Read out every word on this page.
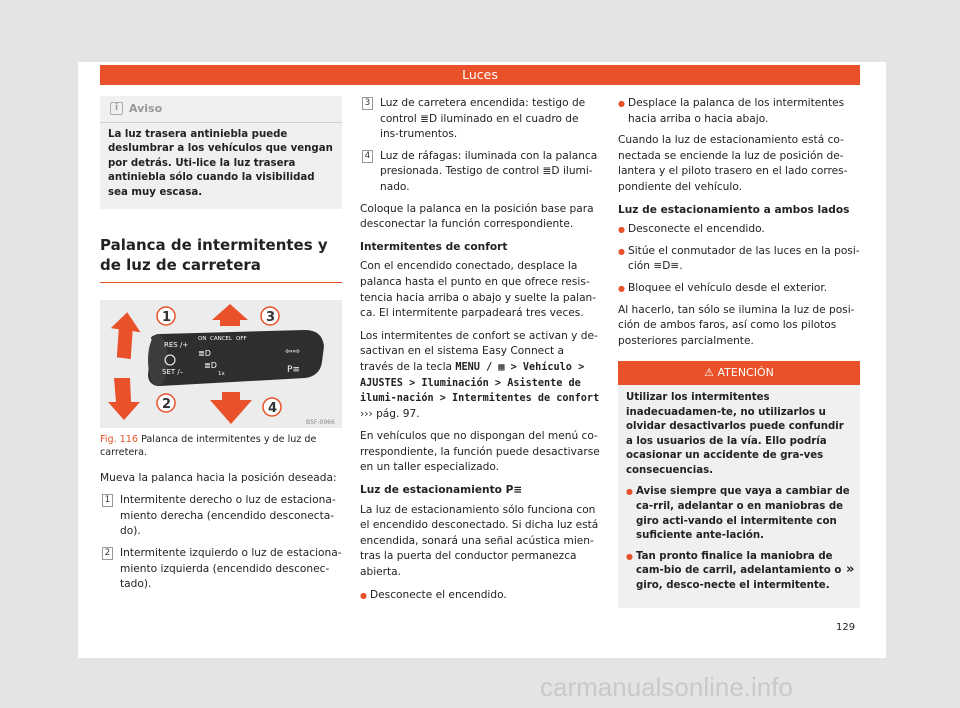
Luces
i Aviso
La luz trasera antiniebla puede deslumbrar a los vehículos que vengan por detrás. Uti-lice la luz trasera antiniebla sólo cuando la visibilidad sea muy escasa.
Palanca de intermitentes y de luz de carretera
RES /+
ON CANCEL OFF
SET /–	1x
≣D
≣D
⇦⇨
P≡
1
2
3
4
B5F-0966
Fig. 116 Palanca de intermitentes y de luz de carretera.

Mueva la palanca hacia la posición deseada:

1 Intermitente derecho o luz de estaciona-miento derecha (encendido desconecta-do).
2 Intermitente izquierdo o luz de estaciona-miento izquierda (encendido desconec-tado).
3 Luz de carretera encendida: testigo de control ≣D iluminado en el cuadro de ins-trumentos.
4 Luz de ráfagas: iluminada con la palanca presionada. Testigo de control ≣D ilumi-nado.

Coloque la palanca en la posición base para desconectar la función correspondiente.

Intermitentes de confort

Con el encendido conectado, desplace la palanca hasta el punto en que ofrece resis-tencia hacia arriba o abajo y suelte la palan-ca. El intermitente parpadeará tres veces.

Los intermitentes de confort se activan y de-sactivan en el sistema Easy Connect a través de la tecla MENU / ▦ > Vehículo > AJUSTES > Iluminación > Asistente de ilumi-nación > Intermitentes de confort ››› pág. 97.

En vehículos que no dispongan del menú co-rrespondiente, la función puede desactivarse en un taller especializado.

Luz de estacionamiento P≡

La luz de estacionamiento sólo funciona con el encendido desconectado. Si dicha luz está encendida, sonará una señal acústica mien-tras la puerta del conductor permanezca abierta.

● Desconecte el encendido.
● Desplace la palanca de los intermitentes hacia arriba o hacia abajo.

Cuando la luz de estacionamiento está co-nectada se enciende la luz de posición de-lantera y el piloto trasero en el lado corres-pondiente del vehículo.

Luz de estacionamiento a ambos lados
● Desconecte el encendido.
● Sitúe el conmutador de las luces en la posi-ción ≡D≡.
● Bloquee el vehículo desde el exterior.

Al hacerlo, tan sólo se ilumina la luz de posi-ción de ambos faros, así como los pilotos posteriores parcialmente.

⚠ ATENCIÓN

Utilizar los intermitentes inadecuadamen-te, no utilizarlos u olvidar desactivarlos puede confundir a los usuarios de la vía. Ello podría ocasionar un accidente de gra-ves consecuencias.

● Avise siempre que vaya a cambiar de ca-rril, adelantar o en maniobras de giro acti-vando el intermitente con suficiente ante-lación.
● Tan pronto finalice la maniobra de cam-bio de carril, adelantamiento o giro, desco-necte el intermitente.
»
129
carmanualsonline.info
